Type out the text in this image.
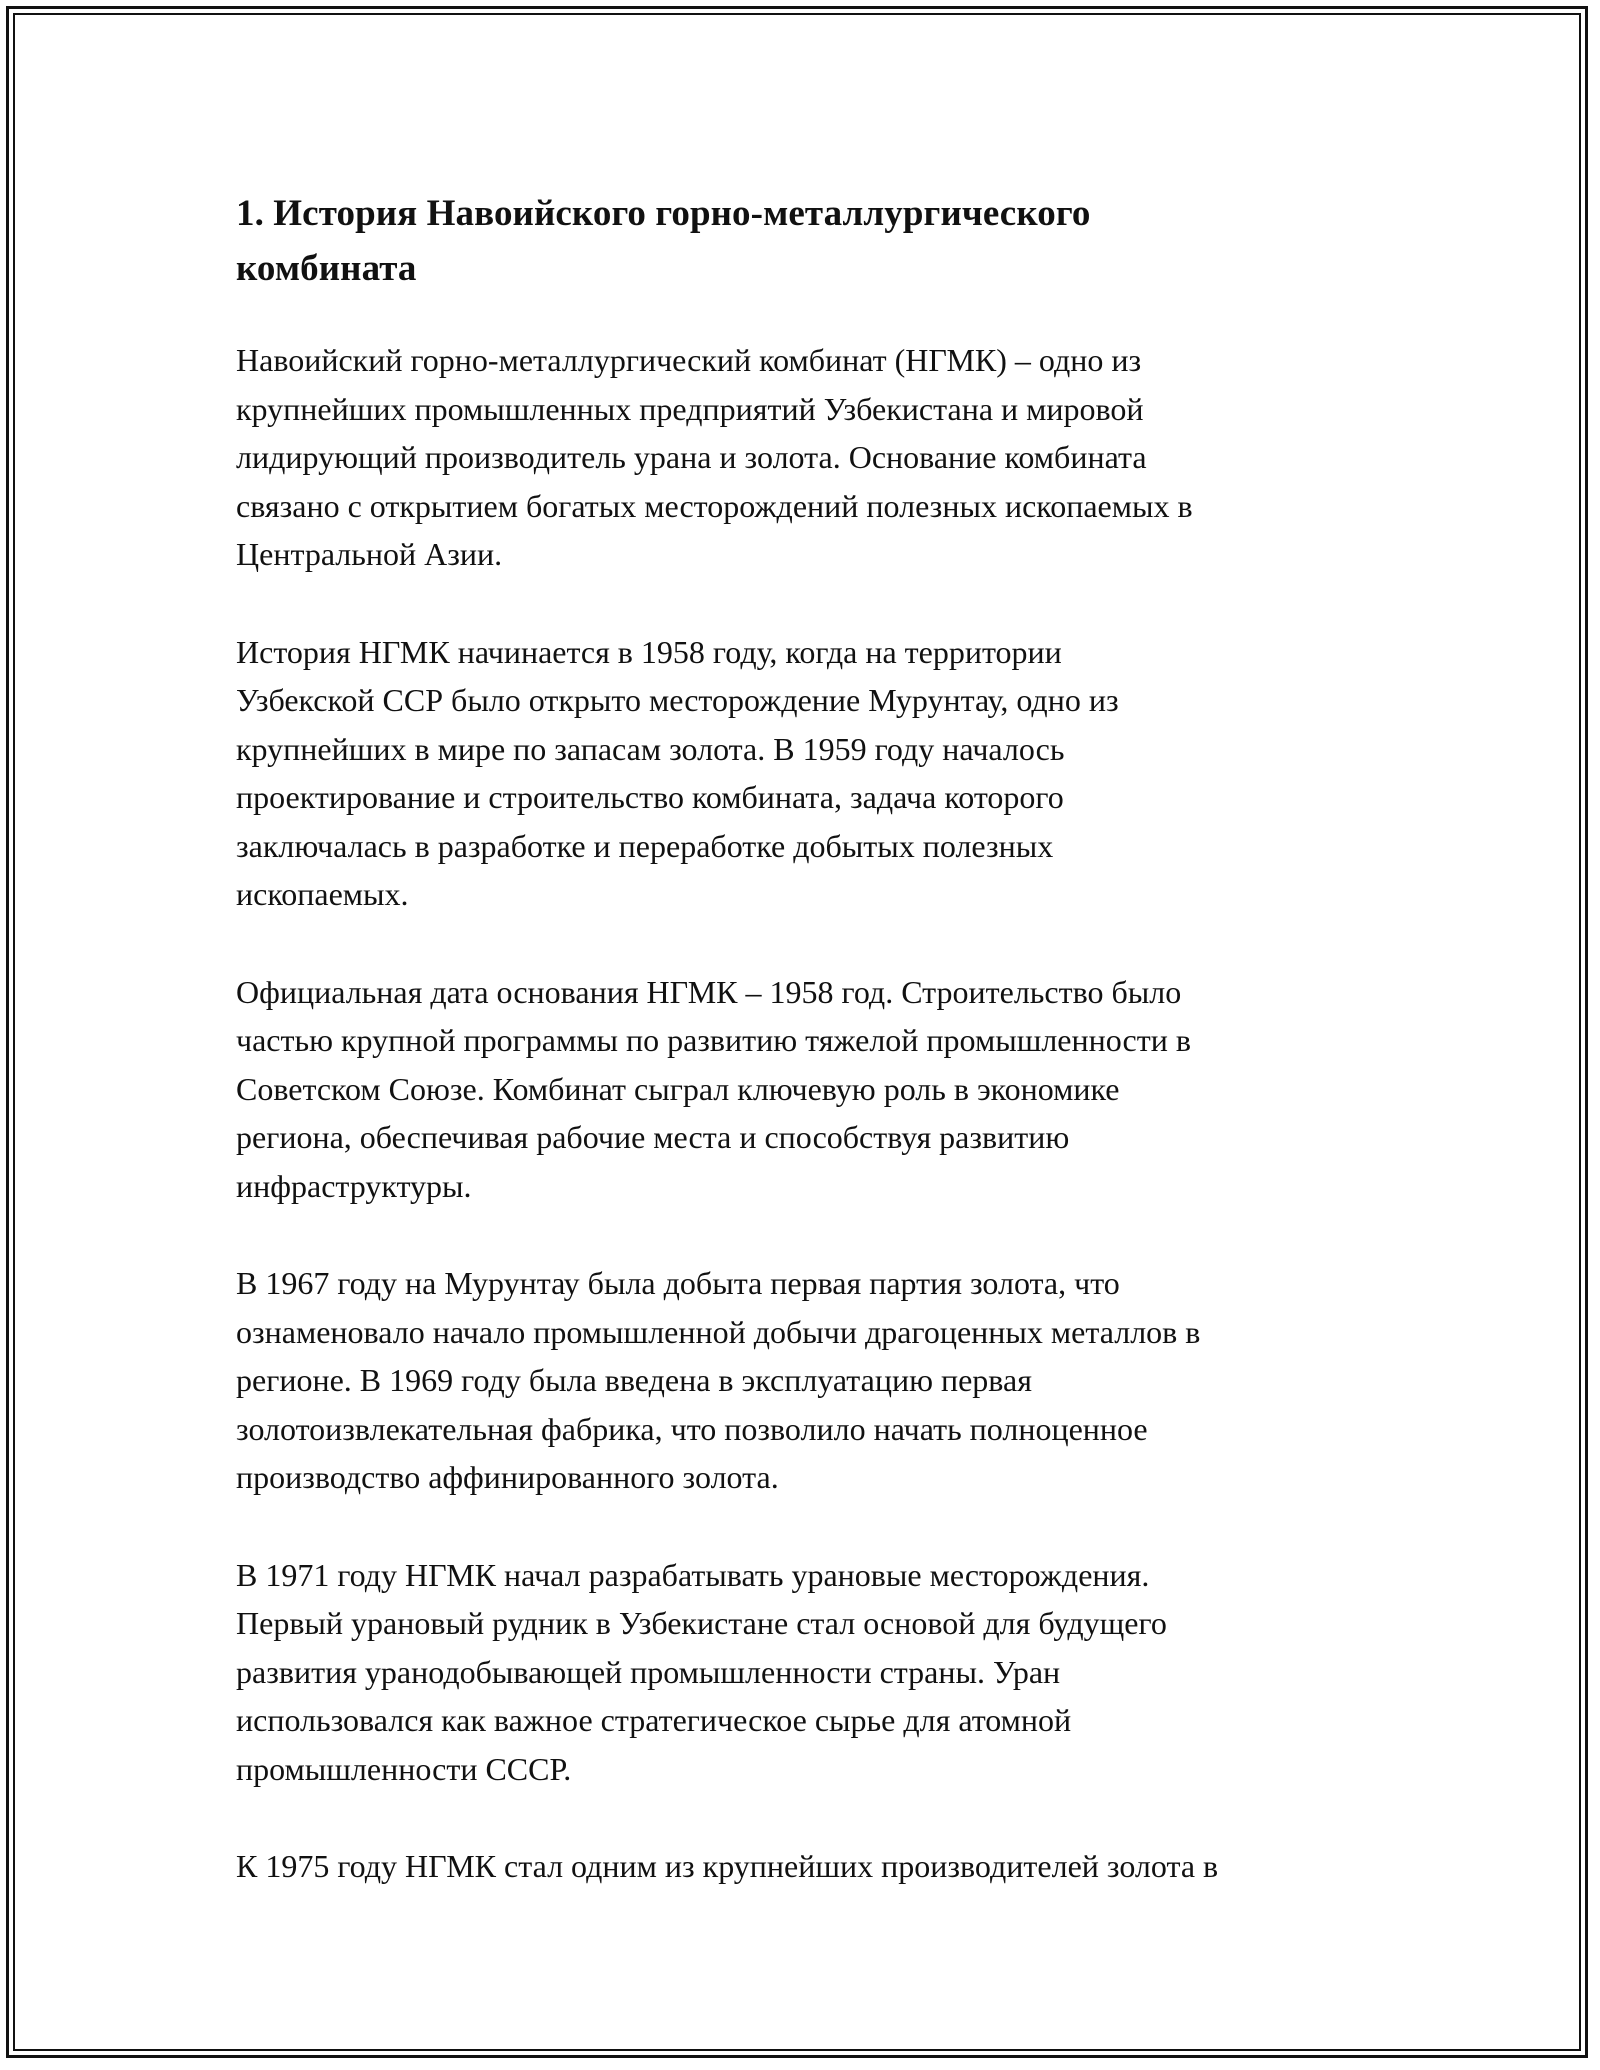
1. История Навоийского горно-металлургического
комбината

Навоийский горно-металлургический комбинат (НГМК) – одно из
крупнейших промышленных предприятий Узбекистана и мировой
лидирующий производитель урана и золота. Основание комбината
связано с открытием богатых месторождений полезных ископаемых в
Центральной Азии.

История НГМК начинается в 1958 году, когда на территории
Узбекской ССР было открыто месторождение Мурунтау, одно из
крупнейших в мире по запасам золота. В 1959 году началось
проектирование и строительство комбината, задача которого
заключалась в разработке и переработке добытых полезных
ископаемых.

Официальная дата основания НГМК – 1958 год. Строительство было
частью крупной программы по развитию тяжелой промышленности в
Советском Союзе. Комбинат сыграл ключевую роль в экономике
региона, обеспечивая рабочие места и способствуя развитию
инфраструктуры.

В 1967 году на Мурунтау была добыта первая партия золота, что
ознаменовало начало промышленной добычи драгоценных металлов в
регионе. В 1969 году была введена в эксплуатацию первая
золотоизвлекательная фабрика, что позволило начать полноценное
производство аффинированного золота.

В 1971 году НГМК начал разрабатывать урановые месторождения.
Первый урановый рудник в Узбекистане стал основой для будущего
развития уранодобывающей промышленности страны. Уран
использовался как важное стратегическое сырье для атомной
промышленности СССР.

К 1975 году НГМК стал одним из крупнейших производителей золота в
